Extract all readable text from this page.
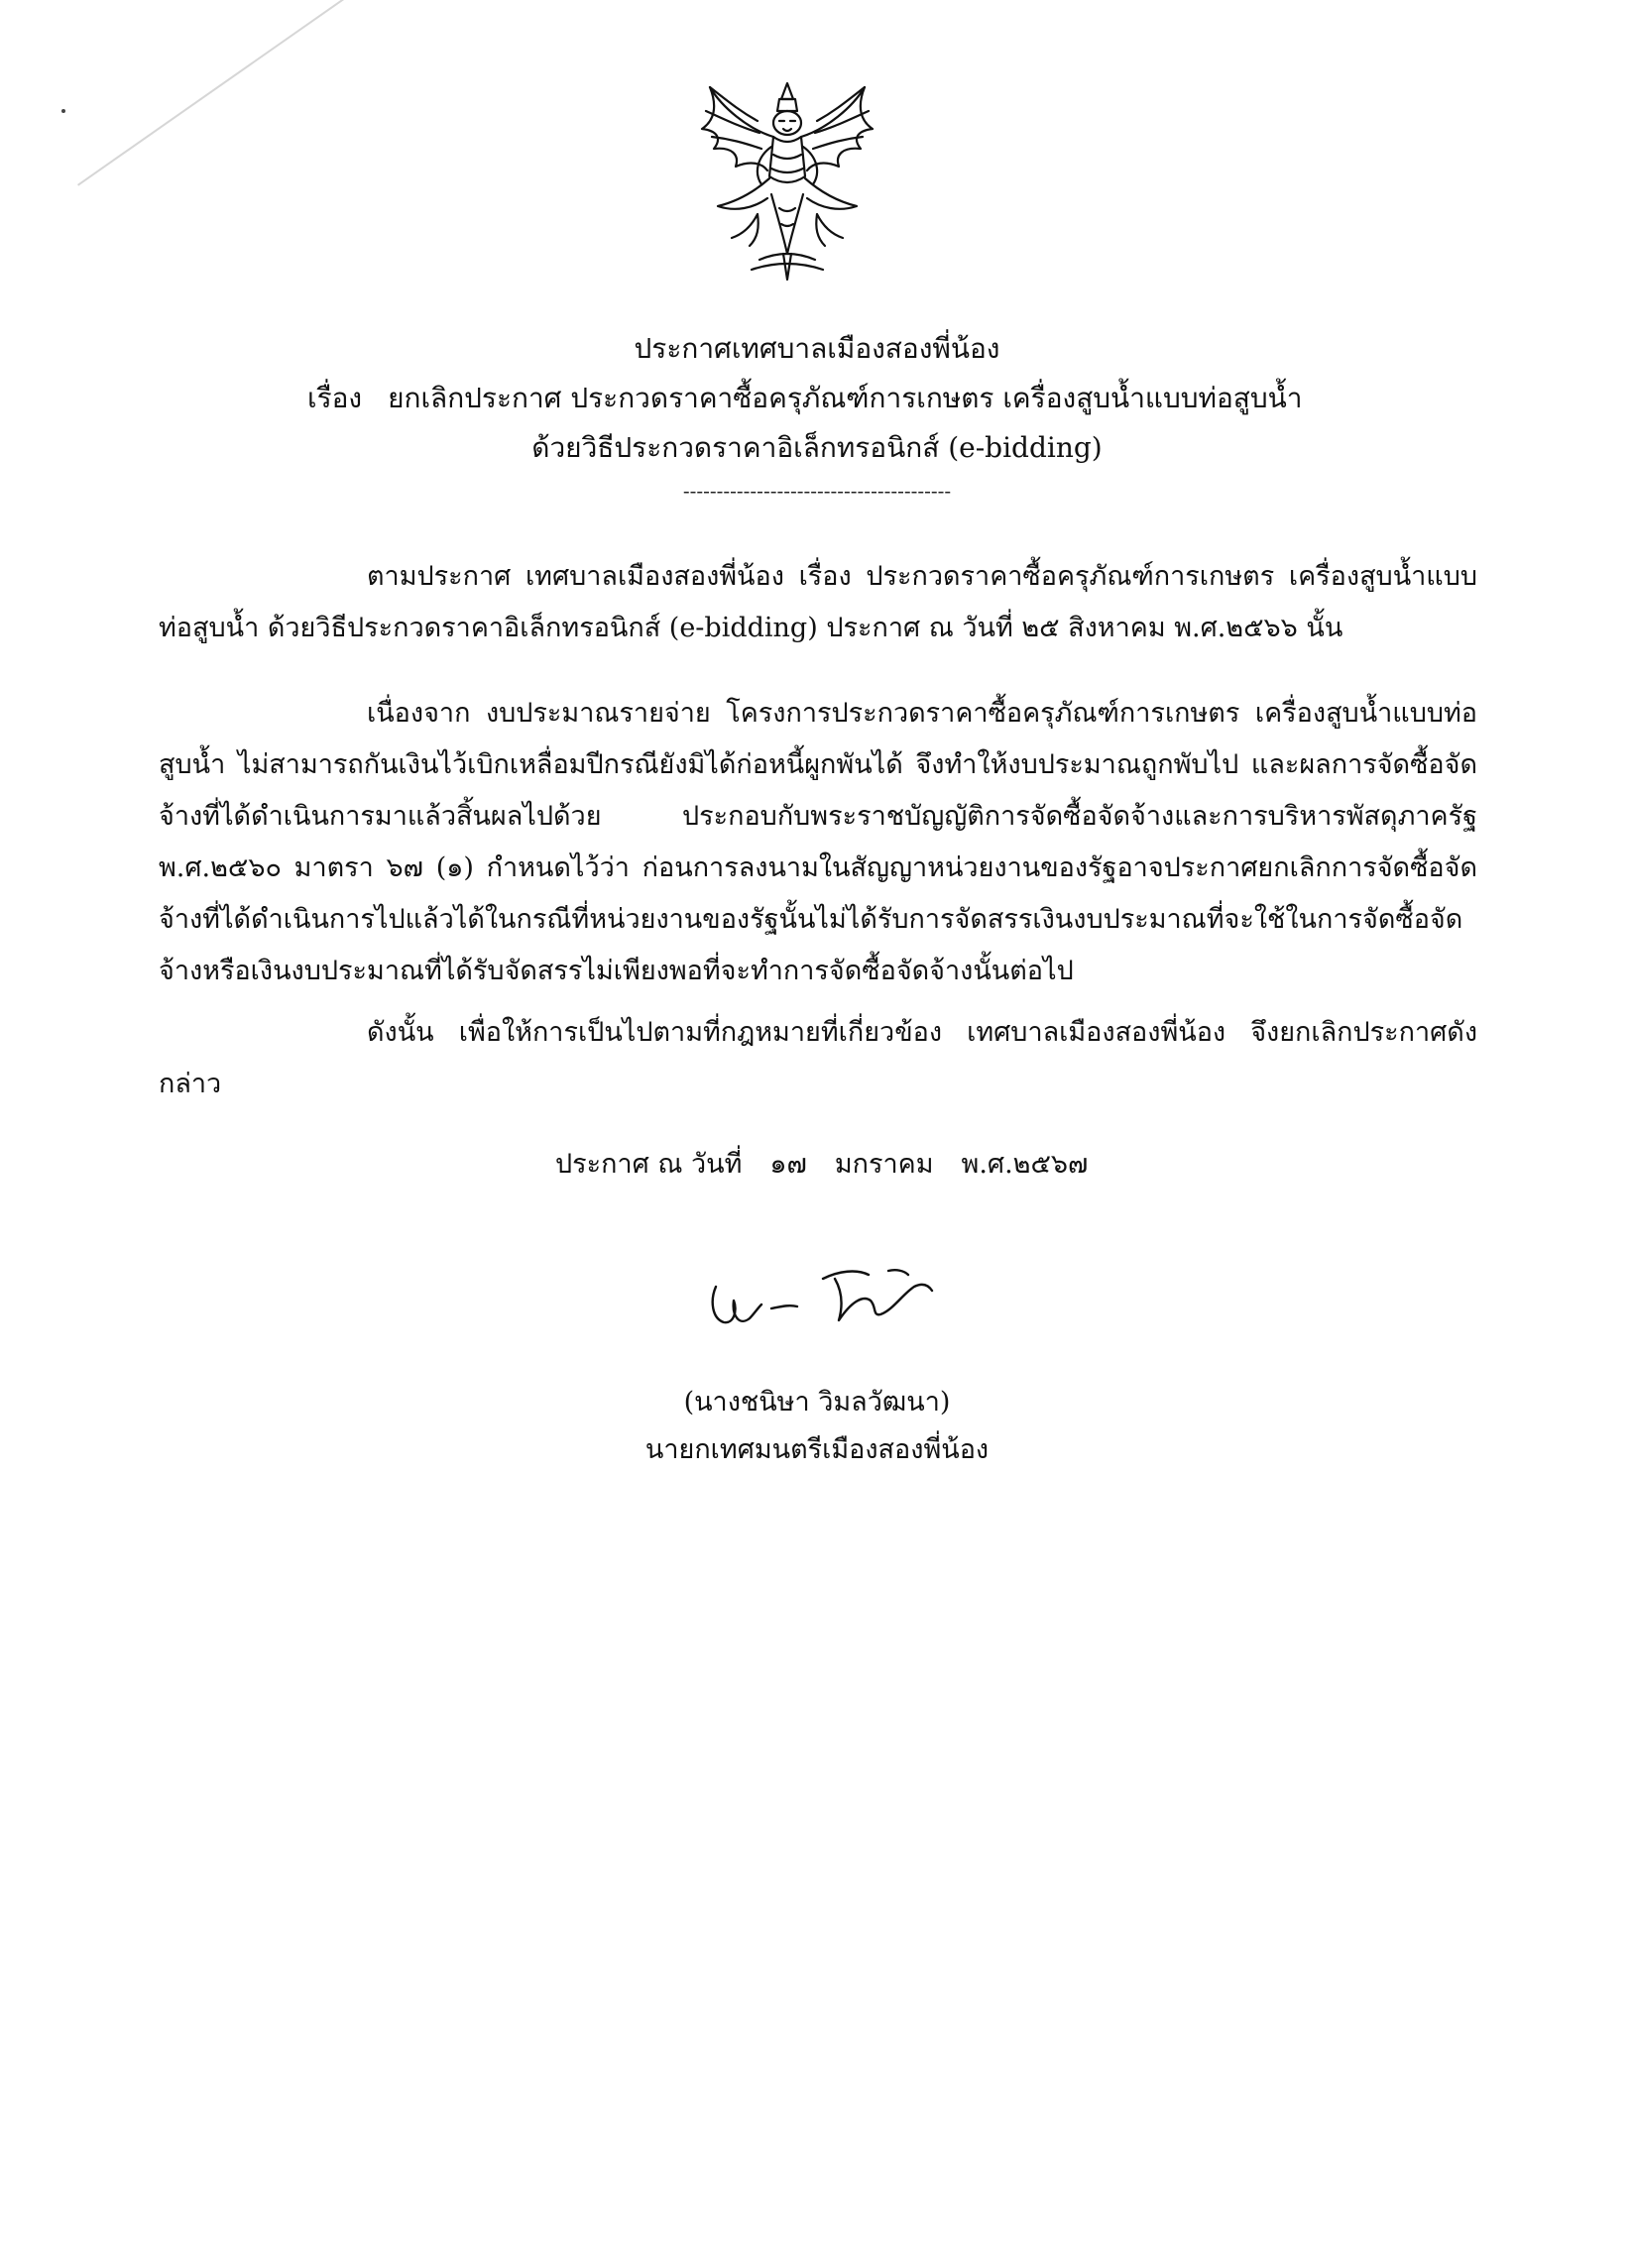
ประกาศเทศบาลเมืองสองพี่น้อง
เรื่อง ยกเลิกประกาศ ประกวดราคาซื้อครุภัณฑ์การเกษตร เครื่องสูบน้ำแบบท่อสูบน้ำ
ด้วยวิธีประกวดราคาอิเล็กทรอนิกส์ (e-bidding)
----------------------------------------
ตามประกาศ เทศบาลเมืองสองพี่น้อง เรื่อง ประกวดราคาซื้อครุภัณฑ์การเกษตร เครื่องสูบน้ำแบบท่อสูบน้ำ ด้วยวิธีประกวดราคาอิเล็กทรอนิกส์ (e-bidding) ประกาศ ณ วันที่ ๒๕ สิงหาคม พ.ศ.๒๕๖๖ นั้น
เนื่องจาก งบประมาณรายจ่าย โครงการประกวดราคาซื้อครุภัณฑ์การเกษตร เครื่องสูบน้ำแบบท่อสูบน้ำ ไม่สามารถกันเงินไว้เบิกเหลื่อมปีกรณียังมิได้ก่อหนี้ผูกพันได้ จึงทำให้งบประมาณถูกพับไป และผลการจัดซื้อจัดจ้างที่ได้ดำเนินการมาแล้วสิ้นผลไปด้วย ประกอบกับพระราชบัญญัติการจัดซื้อจัดจ้างและการบริหารพัสดุภาครัฐ พ.ศ.๒๕๖๐ มาตรา ๖๗ (๑) กำหนดไว้ว่า ก่อนการลงนามในสัญญาหน่วยงานของรัฐอาจประกาศยกเลิกการจัดซื้อจัดจ้างที่ได้ดำเนินการไปแล้วได้ในกรณีที่หน่วยงานของรัฐนั้นไม่ได้รับการจัดสรรเงินงบประมาณที่จะใช้ในการจัดซื้อจัดจ้างหรือเงินงบประมาณที่ได้รับจัดสรรไม่เพียงพอที่จะทำการจัดซื้อจัดจ้างนั้นต่อไป
ดังนั้น เพื่อให้การเป็นไปตามที่กฎหมายที่เกี่ยวข้อง เทศบาลเมืองสองพี่น้อง จึงยกเลิกประกาศดังกล่าว
ประกาศ ณ วันที่ ๑๗ มกราคม พ.ศ.๒๕๖๗
(นางชนิษา วิมลวัฒนา)
นายกเทศมนตรีเมืองสองพี่น้อง
